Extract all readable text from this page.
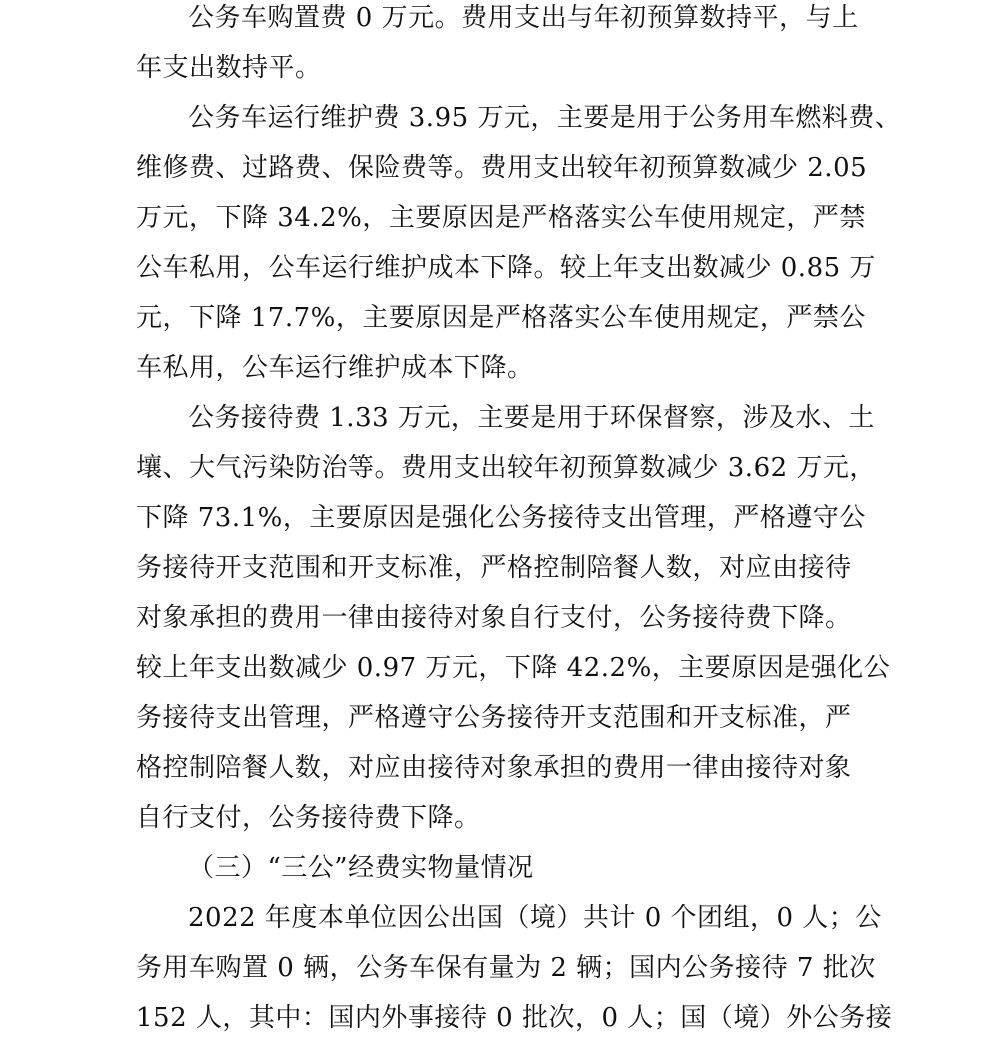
公务车购置费 0 万元。费用支出与年初预算数持平，与上
年支出数持平。
公务车运行维护费 3.95 万元，主要是用于公务用车燃料费、
维修费、过路费、保险费等。费用支出较年初预算数减少 2.05
万元，下降 34.2%，主要原因是严格落实公车使用规定，严禁
公车私用，公车运行维护成本下降。较上年支出数减少 0.85 万
元，下降 17.7%，主要原因是严格落实公车使用规定，严禁公
车私用，公车运行维护成本下降。
公务接待费 1.33 万元，主要是用于环保督察，涉及水、土
壤、大气污染防治等。费用支出较年初预算数减少 3.62 万元，
下降 73.1%，主要原因是强化公务接待支出管理，严格遵守公
务接待开支范围和开支标准，严格控制陪餐人数，对应由接待
对象承担的费用一律由接待对象自行支付，公务接待费下降。
较上年支出数减少 0.97 万元，下降 42.2%，主要原因是强化公
务接待支出管理，严格遵守公务接待开支范围和开支标准，严
格控制陪餐人数，对应由接待对象承担的费用一律由接待对象
自行支付，公务接待费下降。
（三）“三公”经费实物量情况
2022 年度本单位因公出国（境）共计 0 个团组，0 人；公
务用车购置 0 辆，公务车保有量为 2 辆；国内公务接待 7 批次
152 人，其中：国内外事接待 0 批次，0 人；国（境）外公务接
